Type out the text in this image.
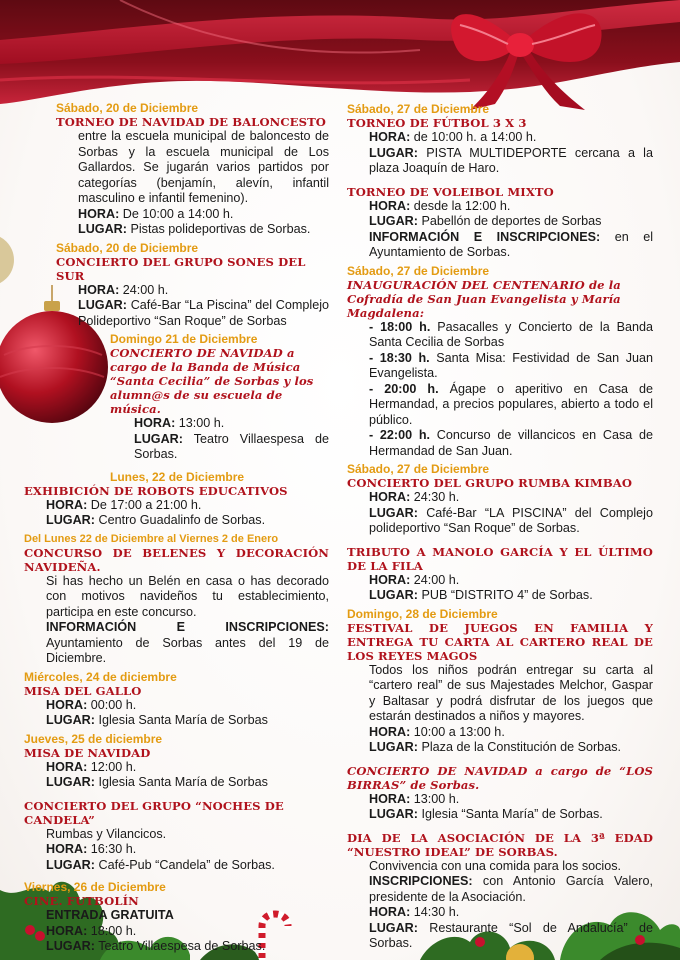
Sábado, 20 de Diciembre
TORNEO DE NAVIDAD DE BALONCESTO

entre la escuela municipal de baloncesto de Sorbas y la escuela municipal de Los Gallardos. Se jugarán varios partidos por categorías (benjamín, alevín, infantil masculino e infantil femenino).

HORA: De 10:00 a 14:00 h.

LUGAR: Pistas polideportivas de Sorbas.

Sábado, 20 de Diciembre
CONCIERTO DEL GRUPO SONES DEL SUR

HORA: 24:00 h.

LUGAR: Café-Bar “La Piscina” del Complejo Polideportivo “San Roque” de Sorbas

Domingo 21 de Diciembre
CONCIERTO DE NAVIDAD a cargo de la Banda de Música “Santa Cecilia” de Sorbas y los alumn@s de su escuela de música.

HORA: 13:00 h.

LUGAR: Teatro Villaespesa de Sorbas.

Lunes, 22 de Diciembre
EXHIBICIÓN DE ROBOTS EDUCATIVOS

HORA: De 17:00 a 21:00 h.

LUGAR: Centro Guadalinfo de Sorbas.

Del Lunes 22 de Diciembre al Viernes 2 de Enero
CONCURSO DE BELENES Y DECORACIÓN NAVIDEÑA.

Si has hecho un Belén en casa o has decorado con motivos navideños tu establecimiento, participa en este concurso.

INFORMACIÓN E INSCRIPCIONES: Ayuntamiento de Sorbas antes del 19 de Diciembre.

Miércoles, 24 de diciembre
MISA DEL GALLO

HORA: 00:00 h.

LUGAR: Iglesia Santa María de Sorbas

Jueves, 25 de diciembre
MISA DE NAVIDAD

HORA: 12:00 h.

LUGAR: Iglesia Santa María de Sorbas

CONCIERTO DEL GRUPO “NOCHES DE CANDELA”

Rumbas y Vilancicos.

HORA: 16:30 h.

LUGAR: Café-Pub “Candela” de Sorbas.

Viernes, 26 de Diciembre
CINE. FUTBOLÍN

ENTRADA GRATUITA

HORA: 18:00 h.

LUGAR: Teatro Villaespesa de Sorbas.

Sábado, 27 de Diciembre
TORNEO DE FÚTBOL 3 X 3

HORA: de 10:00 h. a 14:00 h.

LUGAR: PISTA MULTIDEPORTE cercana a la plaza Joaquín de Haro.

TORNEO DE VOLEIBOL MIXTO

HORA: desde la 12:00 h.

LUGAR: Pabellón de deportes de Sorbas

INFORMACIÓN E INSCRIPCIONES: en el Ayuntamiento de Sorbas.

Sábado, 27 de Diciembre
INAUGURACIÓN DEL CENTENARIO de la Cofradía de San Juan Evangelista y María Magdalena:

- 18:00 h. Pasacalles y Concierto de la Banda Santa Cecilia de Sorbas

- 18:30 h. Santa Misa: Festividad de San Juan Evangelista.

- 20:00 h. Ágape o aperitivo en Casa de Hermandad, a precios populares, abierto a todo el público.

- 22:00 h. Concurso de villancicos en Casa de Hermandad de San Juan.

Sábado, 27 de Diciembre
CONCIERTO DEL GRUPO RUMBA KIMBAO

HORA: 24:30 h.

LUGAR: Café-Bar “LA PISCINA” del Complejo polideportivo “San Roque” de Sorbas.

TRIBUTO A MANOLO GARCÍA Y EL ÚLTIMO DE LA FILA

HORA: 24:00 h.

LUGAR: PUB “DISTRITO 4” de Sorbas.

Domingo, 28 de Diciembre
FESTIVAL DE JUEGOS EN FAMILIA Y ENTREGA TU CARTA AL CARTERO REAL DE LOS REYES MAGOS

Todos los niños podrán entregar su carta al “cartero real” de sus Majestades Melchor, Gaspar y Baltasar y podrá disfrutar de los juegos que estarán destinados a niños y mayores.

HORA: 10:00 a 13:00 h.

LUGAR: Plaza de la Constitución de Sorbas.

CONCIERTO DE NAVIDAD a cargo de “LOS BIRRAS” de Sorbas.

HORA: 13:00 h.

LUGAR: Iglesia “Santa María” de Sorbas.

DIA DE LA ASOCIACIÓN DE LA 3ª EDAD “NUESTRO IDEAL” DE SORBAS.

Convivencia con una comida para los socios.

INSCRIPCIONES: con Antonio García Valero, presidente de la Asociación.

HORA: 14:30 h.

LUGAR: Restaurante “Sol de Andalucía” de Sorbas.
